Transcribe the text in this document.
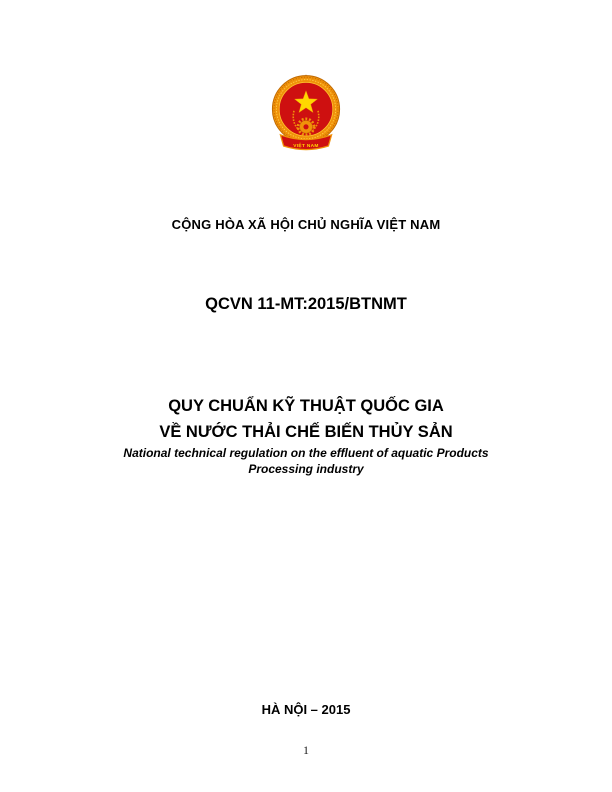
VIỆT NAM
CỘNG HÒA XÃ HỘI CHỦ NGHĨA VIỆT NAM
QCVN 11-MT:2015/BTNMT
QUY CHUẨN KỸ THUẬT QUỐC GIA
VỀ NƯỚC THẢI CHẾ BIẾN THỦY SẢN
National technical regulation on the effluent of aquatic Products
Processing industry
HÀ NỘI – 2015
1
